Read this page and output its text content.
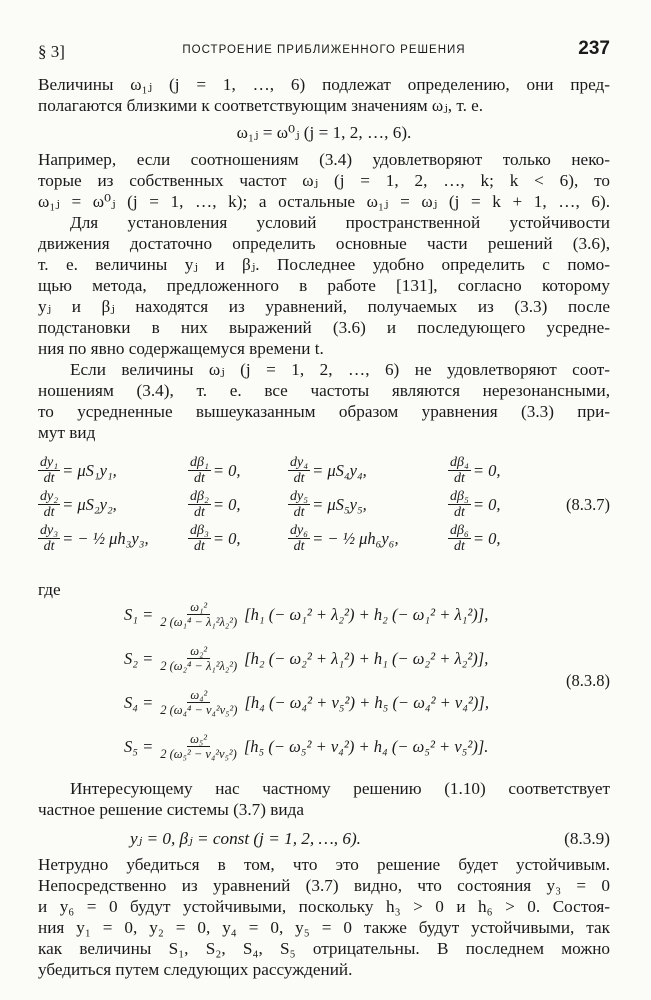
§ 3]	ПОСТРОЕНИЕ ПРИБЛИЖЕННОГО РЕШЕНИЯ	237

Величины ω₁ⱼ (j = 1, …, 6) подлежат определению, они пред-
полагаются близкими к соответствующим значениям ωⱼ, т. е.

ω₁ⱼ = ω⁰ⱼ (j = 1, 2, …, 6).

Например, если соотношениям (3.4) удовлетворяют только неко-
торые из собственных частот ωⱼ (j = 1, 2, …, k; k < 6), то
ω₁ⱼ = ω⁰ⱼ (j = 1, …, k); а остальные ω₁ⱼ = ωⱼ (j = k + 1, …, 6).

Для установления условий пространственной устойчивости
движения достаточно определить основные части решений (3.6),
т. е. величины yⱼ и βⱼ. Последнее удобно определить с помо-
щью метода, предложенного в работе [131], согласно которому
yⱼ и βⱼ находятся из уравнений, получаемых из (3.3) после
подстановки в них выражений (3.6) и последующего усредне-
ния по явно содержащемуся времени t.

Если величины ωⱼ (j = 1, 2, …, 6) не удовлетворяют соот-
ношениям (3.4), т. е. все частоты являются нерезонансными,
то усредненные вышеуказанным образом уравнения (3.3) при-
мут вид

$\frac{\text{dy₁}}{dt} = \mu S_1y_1$,	$\frac{\text{dβ₁}}{dt} = 0$,	$\frac{\text{dy₄}}{dt} = \mu S_4y_4$,	$\frac{\text{dβ₄}}{dt} = 0$,
$\frac{\text{dy₂}}{dt} = \mu S_2y_2$,	$\frac{\text{dβ₂}}{dt} = 0$,	$\frac{\text{dy₅}}{dt} = \mu S_5y_5$,	$\frac{\text{dβ₅}}{dt} = 0$,	(8.3.7)
$\frac{\text{dy₃}}{dt}$ = − ½ μh₃y₃,	$\frac{\text{dβ₃}}{dt} = 0$,	$\frac{\text{dy₆}}{dt}$ = − ½ μh₆y₆,	$\frac{\text{dβ₆}}{dt} = 0$,

где

$S_1 = \frac{\text{ω₁²}}{\text{2 (ω₁⁴ − λ₁²λ₂²)}} [h_1$ (− ω₁² + λ₂²) + h₂ (− ω₁² + λ₁²)],
$S_2 = \frac{\text{ω₂²}}{\text{2 (ω₂⁴ − λ₁²λ₂²)}} [h_2$ (− ω₂² + λ₁²) + h₁ (− ω₂² + λ₂²)],
$S_4 = \frac{\text{ω₄²}}{\text{2 (ω₄⁴ − ν₄²ν₅²)}} [h_4$ (− ω₄² + ν₅²) + h₅ (− ω₄² + ν₄²)],
$S_5 = \frac{\text{ω₅²}}{\text{2 (ω₅² − ν₄²ν₅²)}} [h_5$ (− ω₅² + ν₄²) + h₄ (− ω₅² + ν₅²)].
(8.3.8)

Интересующему нас частному решению (1.10) соответствует
частное решение системы (3.7) вида

yⱼ = 0, βⱼ = const (j = 1, 2, …, 6).	(8.3.9)

Нетрудно убедиться в том, что это решение будет устойчивым.
Непосредственно из уравнений (3.7) видно, что состояния y₃ = 0
и y₆ = 0 будут устойчивыми, поскольку h₃ > 0 и h₆ > 0. Состоя-
ния y₁ = 0, y₂ = 0, y₄ = 0, y₅ = 0 также будут устойчивыми, так
как величины S₁, S₂, S₄, S₅ отрицательны. В последнем можно
убедиться путем следующих рассуждений.
